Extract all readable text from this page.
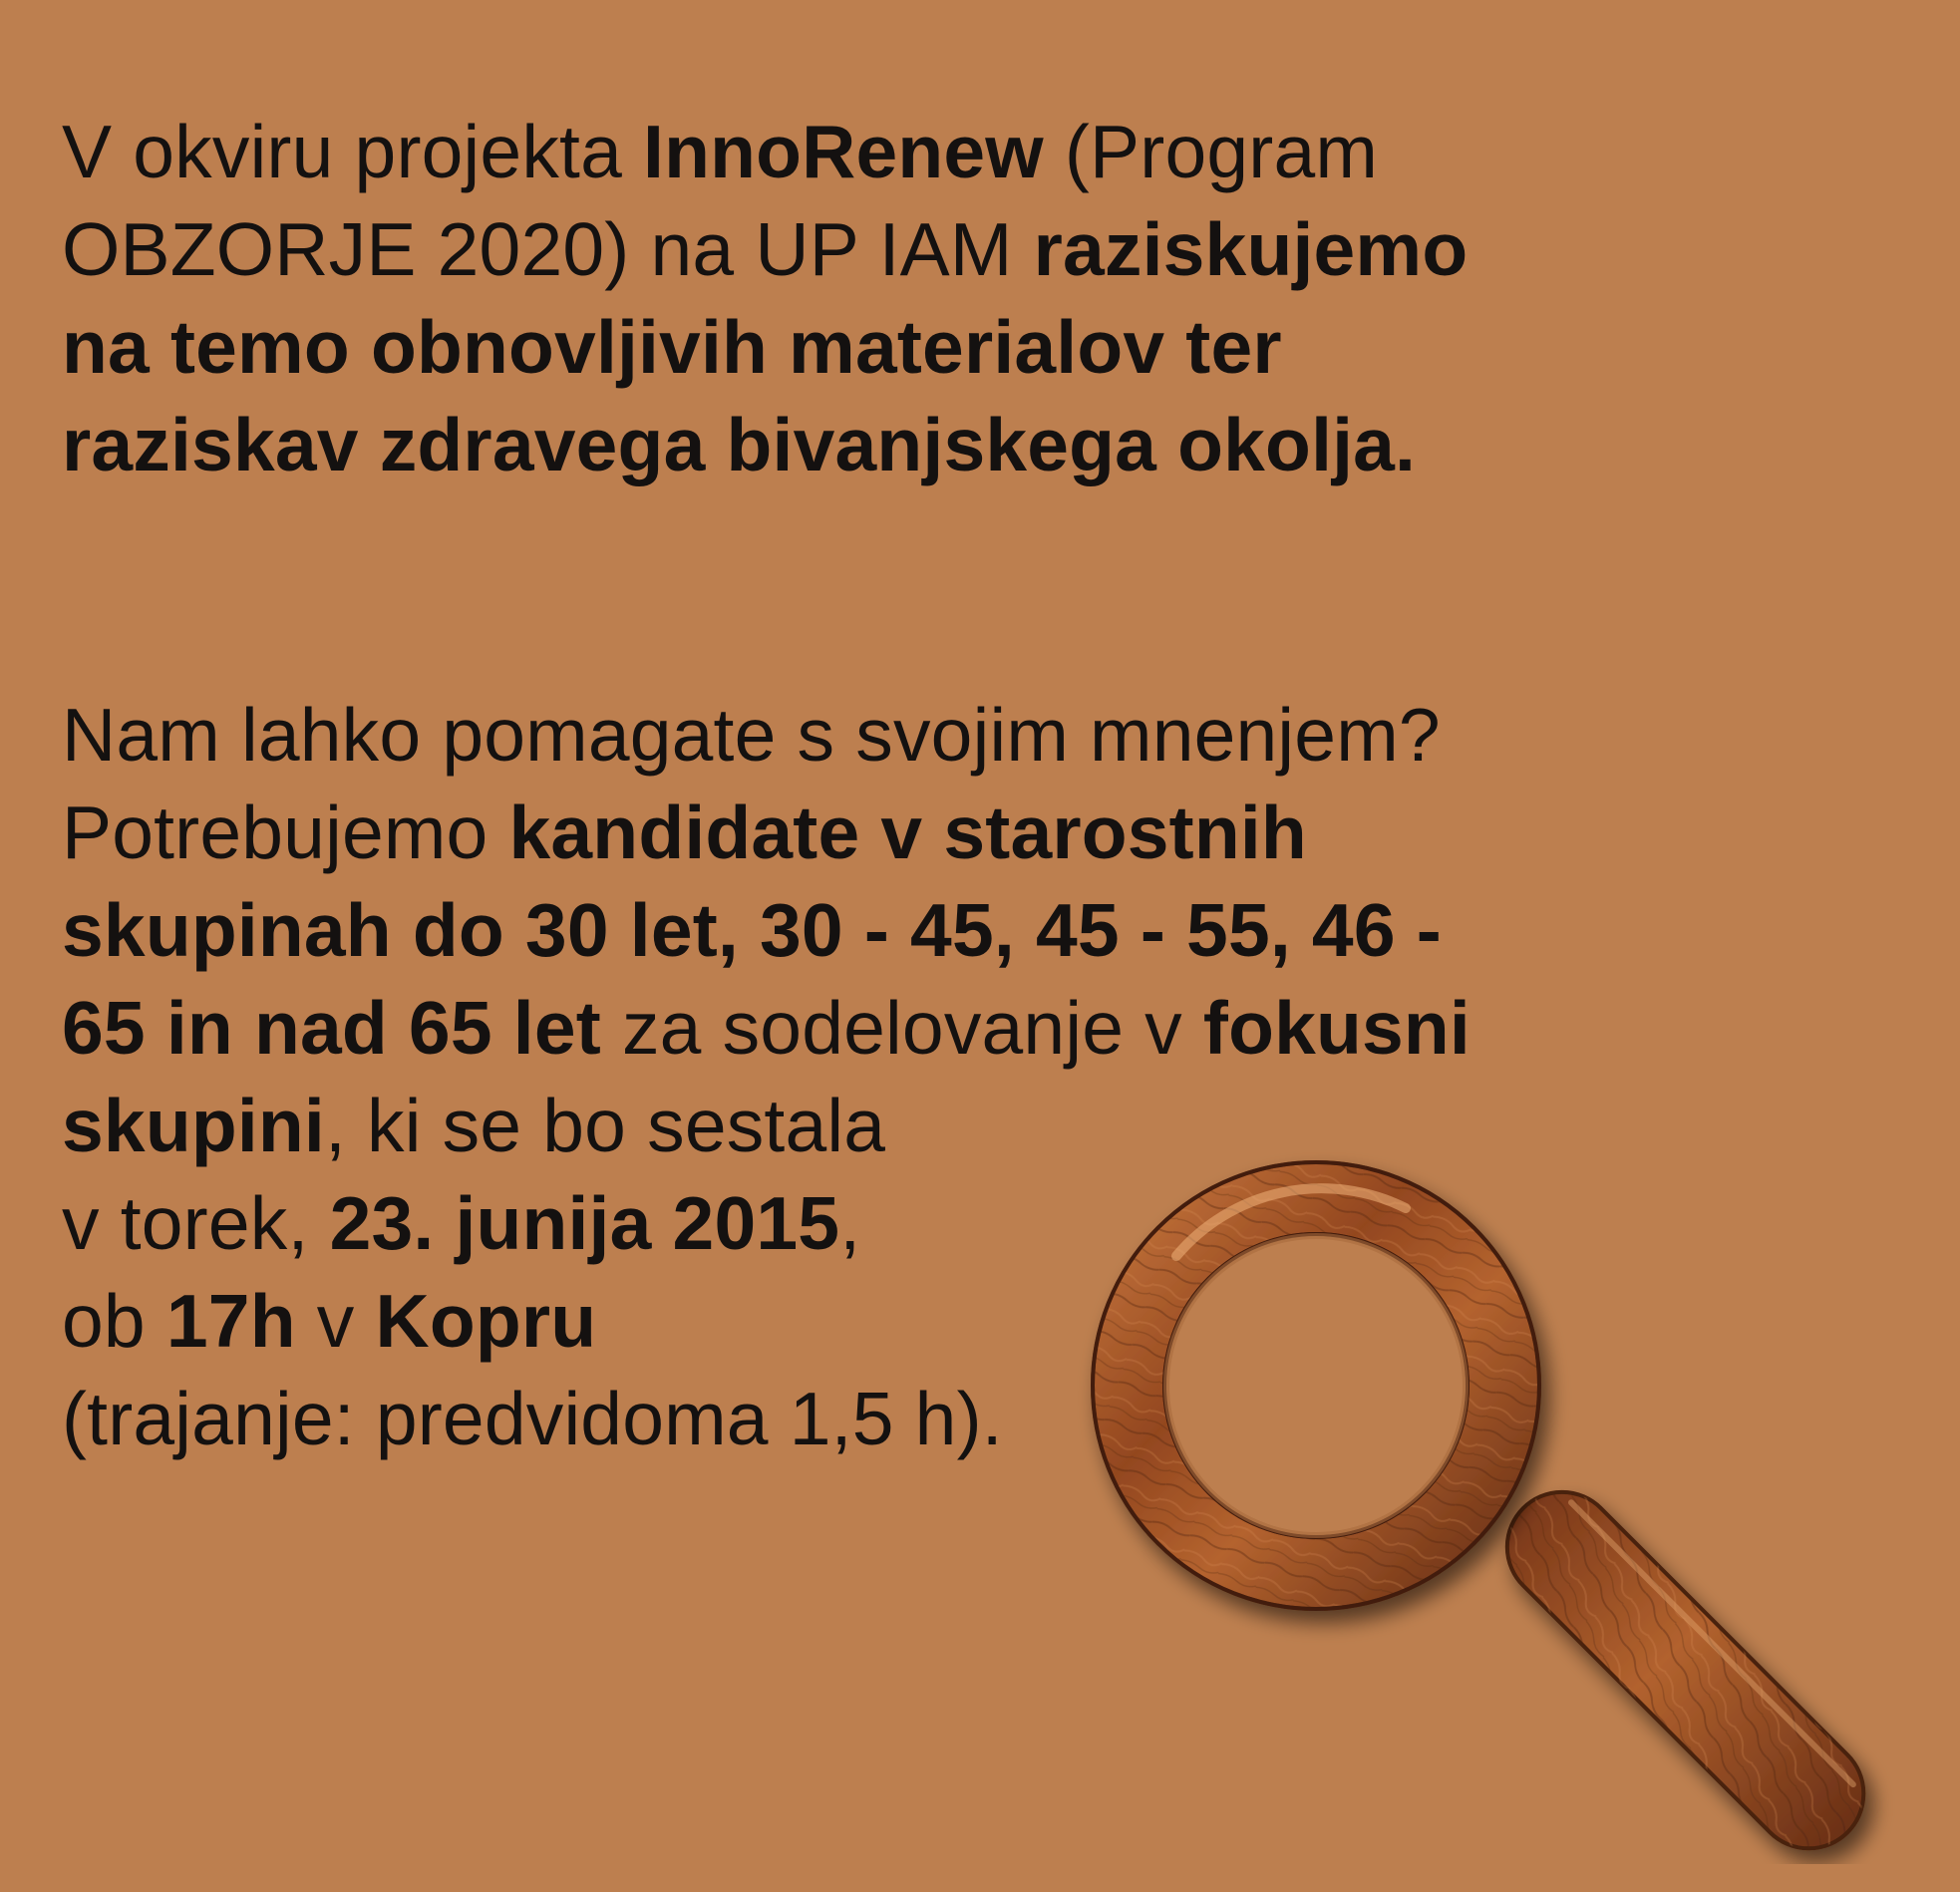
V okviru projekta InnoRenew (Program
OBZORJE 2020) na UP IAM raziskujemo
na temo obnovljivih materialov ter
raziskav zdravega bivanjskega okolja.
Nam lahko pomagate s svojim mnenjem?
Potrebujemo kandidate v starostnih
skupinah do 30 let, 30 - 45, 45 - 55, 46 -
65 in nad 65 let za sodelovanje v fokusni
skupini, ki se bo sestala
v torek, 23. junija 2015,
ob 17h v Kopru
(trajanje: predvidoma 1,5 h).
